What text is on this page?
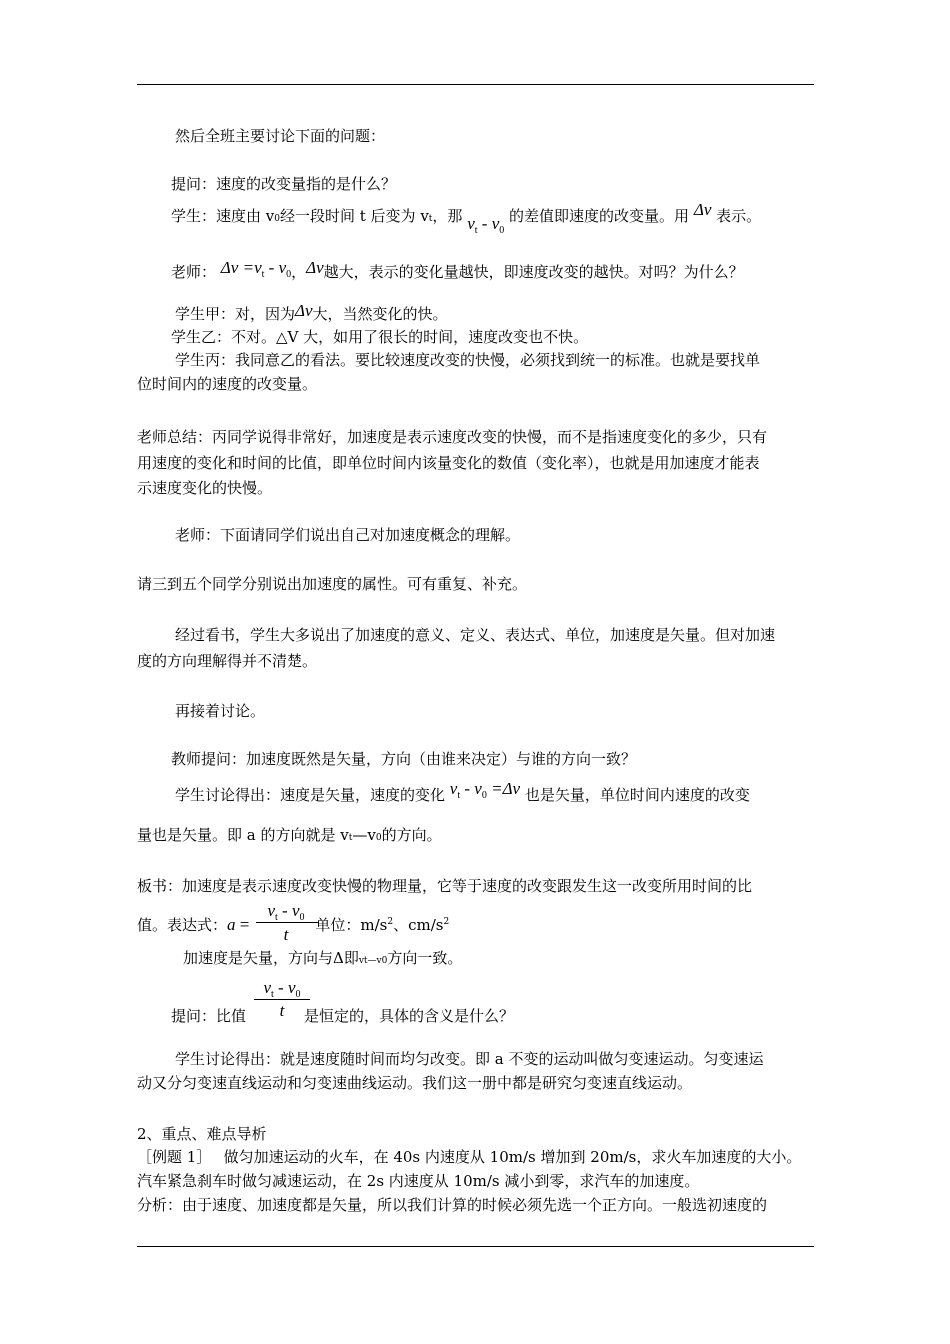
然后全班主要讨论下面的问题：
提问：速度的改变量指的是什么？
学生：速度由 v0经一段时间 t 后变为 vt，那 $v_t - v_0$ 的差值即速度的改变量。用 Δv 表示。
老师： $\Delta v =v_t - v_0$，Δv越大，表示的变化量越快，即速度改变的越快。对吗？为什么？
学生甲：对，因为Δv大，当然变化的快。
学生乙：不对。△V 大，如用了很长的时间，速度改变也不快。
学生丙：我同意乙的看法。要比较速度改变的快慢，必须找到统一的标准。也就是要找单
位时间内的速度的改变量。
老师总结：丙同学说得非常好，加速度是表示速度改变的快慢，而不是指速度变化的多少，只有
用速度的变化和时间的比值，即单位时间内该量变化的数值（变化率），也就是用加速度才能表
示速度变化的快慢。
老师：下面请同学们说出自己对加速度概念的理解。
请三到五个同学分别说出加速度的属性。可有重复、补充。
经过看书，学生大多说出了加速度的意义、定义、表达式、单位，加速度是矢量。但对加速
度的方向理解得并不清楚。
再接着讨论。
教师提问：加速度既然是矢量，方向（由谁来决定）与谁的方向一致？
学生讨论得出：速度是矢量，速度的变化 $v_t - v_0 =\Delta v$ 也是矢量，单位时间内速度的改变
量也是矢量。即 a 的方向就是 vt—v0的方向。
板书：加速度是表示速度改变快慢的物理量，它等于速度的改变跟发生这一改变所用时间的比
值。表达式：a =	单位：$m/s^2$、$cm/s^2$
$v_t - v_0$
t
加速度是矢量，方向与Δ即vt—v0方向一致。
$v_t - v_0$
t
提问：比值	是恒定的，具体的含义是什么？
学生讨论得出：就是速度随时间而均匀改变。即 a 不变的运动叫做匀变速运动。匀变速运
动又分匀变速直线运动和匀变速曲线运动。我们这一册中都是研究匀变速直线运动。
2、重点、难点导析
［例题 1］　 做匀加速运动的火车，在 40s 内速度从 10m/s 增加到 20m/s，求火车加速度的大小。
汽车紧急刹车时做匀减速运动，在 2s 内速度从 10m/s 减小到零，求汽车的加速度。
分析：由于速度、加速度都是矢量，所以我们计算的时候必须先选一个正方向。一般选初速度的
